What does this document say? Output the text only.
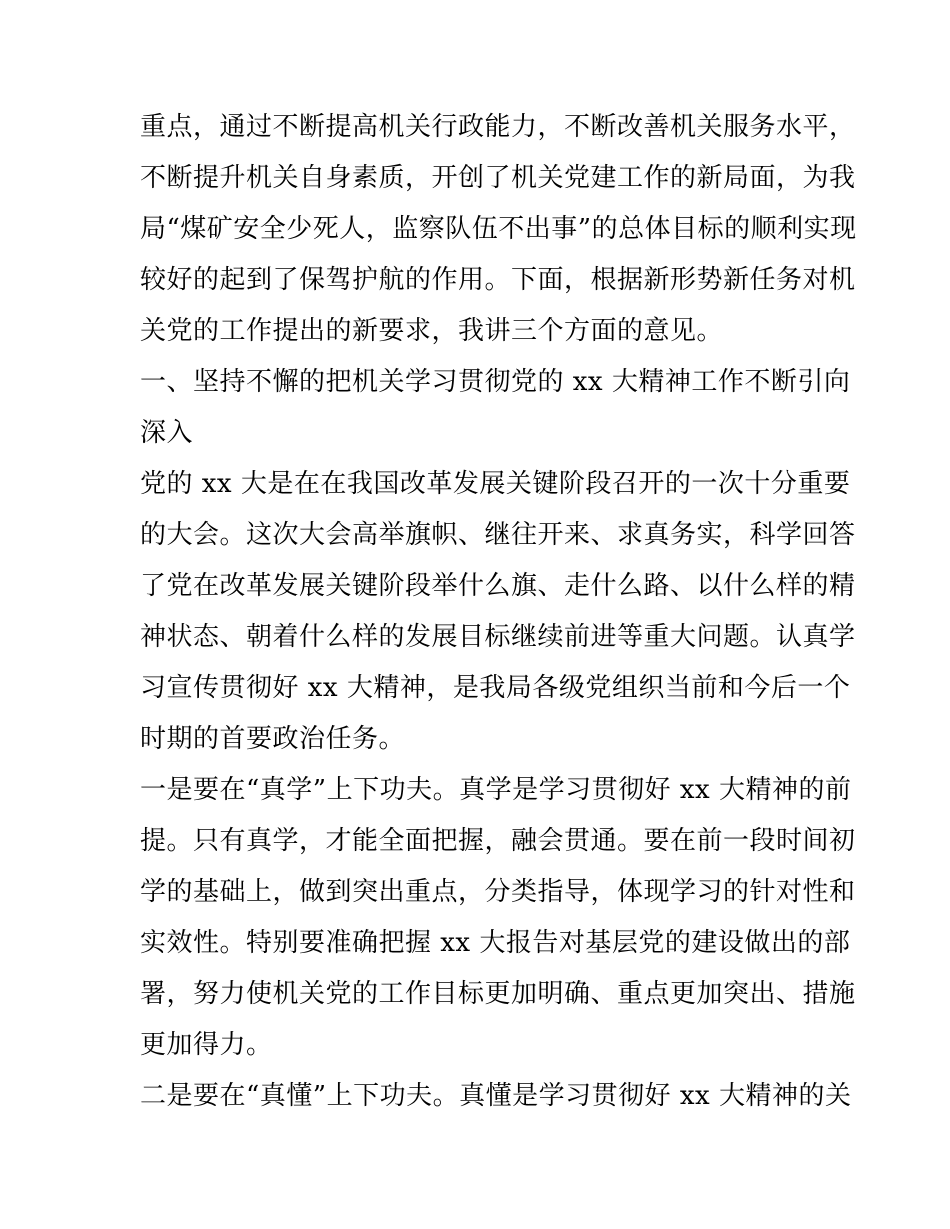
重点，通过不断提高机关行政能力，不断改善机关服务水平，
不断提升机关自身素质，开创了机关党建工作的新局面，为我
局“煤矿安全少死人，监察队伍不出事”的总体目标的顺利实现
较好的起到了保驾护航的作用。下面，根据新形势新任务对机
关党的工作提出的新要求，我讲三个方面的意见。
一、坚持不懈的把机关学习贯彻党的 xx 大精神工作不断引向
深入
党的 xx 大是在在我国改革发展关键阶段召开的一次十分重要
的大会。这次大会高举旗帜、继往开来、求真务实，科学回答
了党在改革发展关键阶段举什么旗、走什么路、以什么样的精
神状态、朝着什么样的发展目标继续前进等重大问题。认真学
习宣传贯彻好 xx 大精神，是我局各级党组织当前和今后一个
时期的首要政治任务。
一是要在“真学”上下功夫。真学是学习贯彻好 xx 大精神的前
提。只有真学，才能全面把握，融会贯通。要在前一段时间初
学的基础上，做到突出重点，分类指导，体现学习的针对性和
实效性。特别要准确把握 xx 大报告对基层党的建设做出的部
署，努力使机关党的工作目标更加明确、重点更加突出、措施
更加得力。
二是要在“真懂”上下功夫。真懂是学习贯彻好 xx 大精神的关
